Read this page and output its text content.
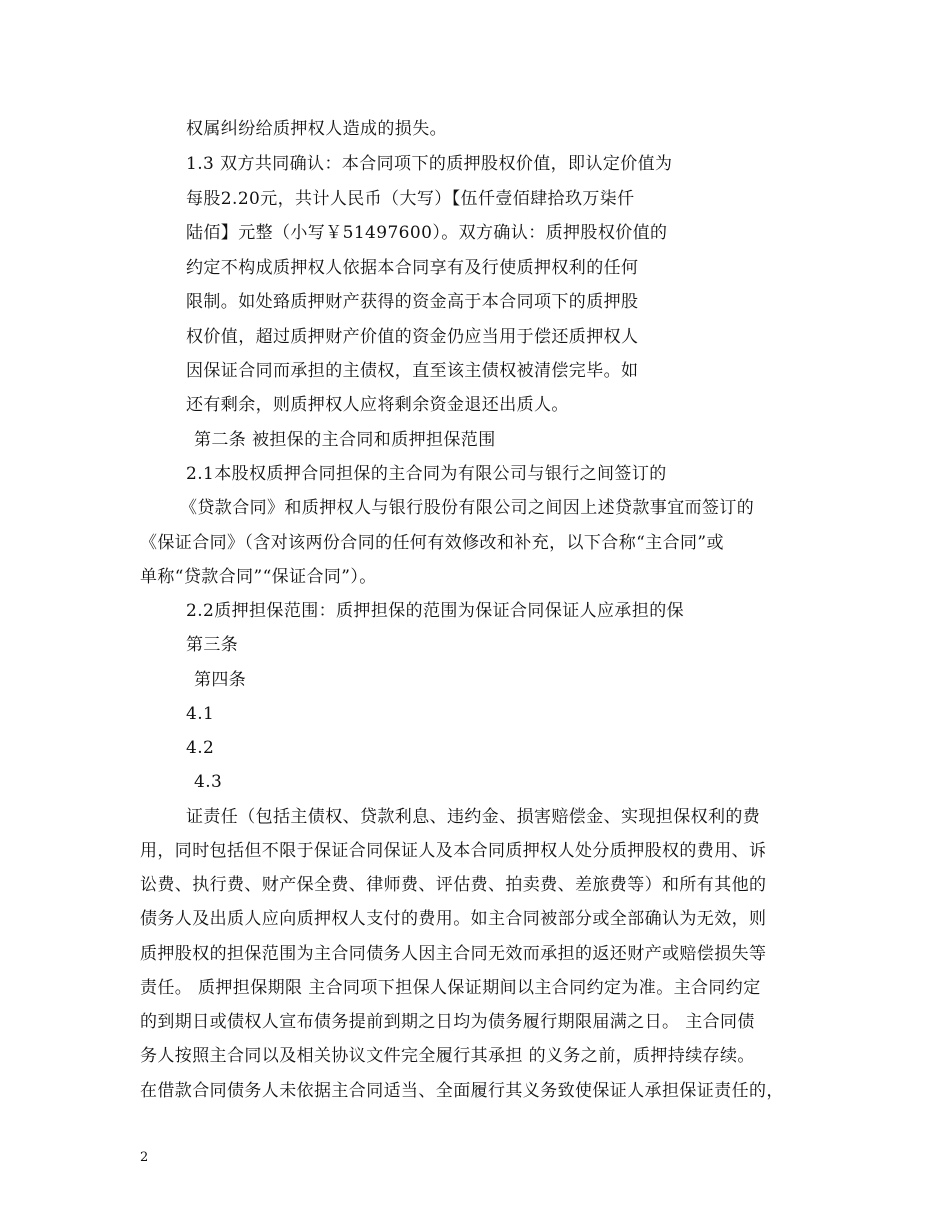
权属纠纷给质押权人造成的损失。
1.3 双方共同确认：本合同项下的质押股权价值，即认定价值为
每股2.20元，共计人民币（大写）【伍仟壹佰肆拾玖万柒仟
陆佰】元整（小写￥51497600）。双方确认：质押股权价值的
约定不构成质押权人依据本合同享有及行使质押权利的任何
限制。如处臵质押财产获得的资金高于本合同项下的质押股
权价值，超过质押财产价值的资金仍应当用于偿还质押权人
因保证合同而承担的主债权，直至该主债权被清偿完毕。如
还有剩余，则质押权人应将剩余资金退还出质人。
第二条 被担保的主合同和质押担保范围
2.1本股权质押合同担保的主合同为有限公司与银行之间签订的
《贷款合同》和质押权人与银行股份有限公司之间因上述贷款事宜而签订的
《保证合同》（含对该两份合同的任何有效修改和补充，以下合称“主合同”或
单称“贷款合同”“保证合同”）。
2.2质押担保范围：质押担保的范围为保证合同保证人应承担的保
第三条
第四条
4.1
4.2
4.3
证责任（包括主债权、贷款利息、违约金、损害赔偿金、实现担保权利的费
用，同时包括但不限于保证合同保证人及本合同质押权人处分质押股权的费用、诉
讼费、执行费、财产保全费、律师费、评估费、拍卖费、差旅费等）和所有其他的
债务人及出质人应向质押权人支付的费用。如主合同被部分或全部确认为无效，则
质押股权的担保范围为主合同债务人因主合同无效而承担的返还财产或赔偿损失等
责任。 质押担保期限 主合同项下担保人保证期间以主合同约定为准。主合同约定
的到期日或债权人宣布债务提前到期之日均为债务履行期限届满之日。 主合同债
务人按照主合同以及相关协议文件完全履行其承担 的义务之前，质押持续存续。
在借款合同债务人未依据主合同适当、全面履行其义务致使保证人承担保证责任的，
2
